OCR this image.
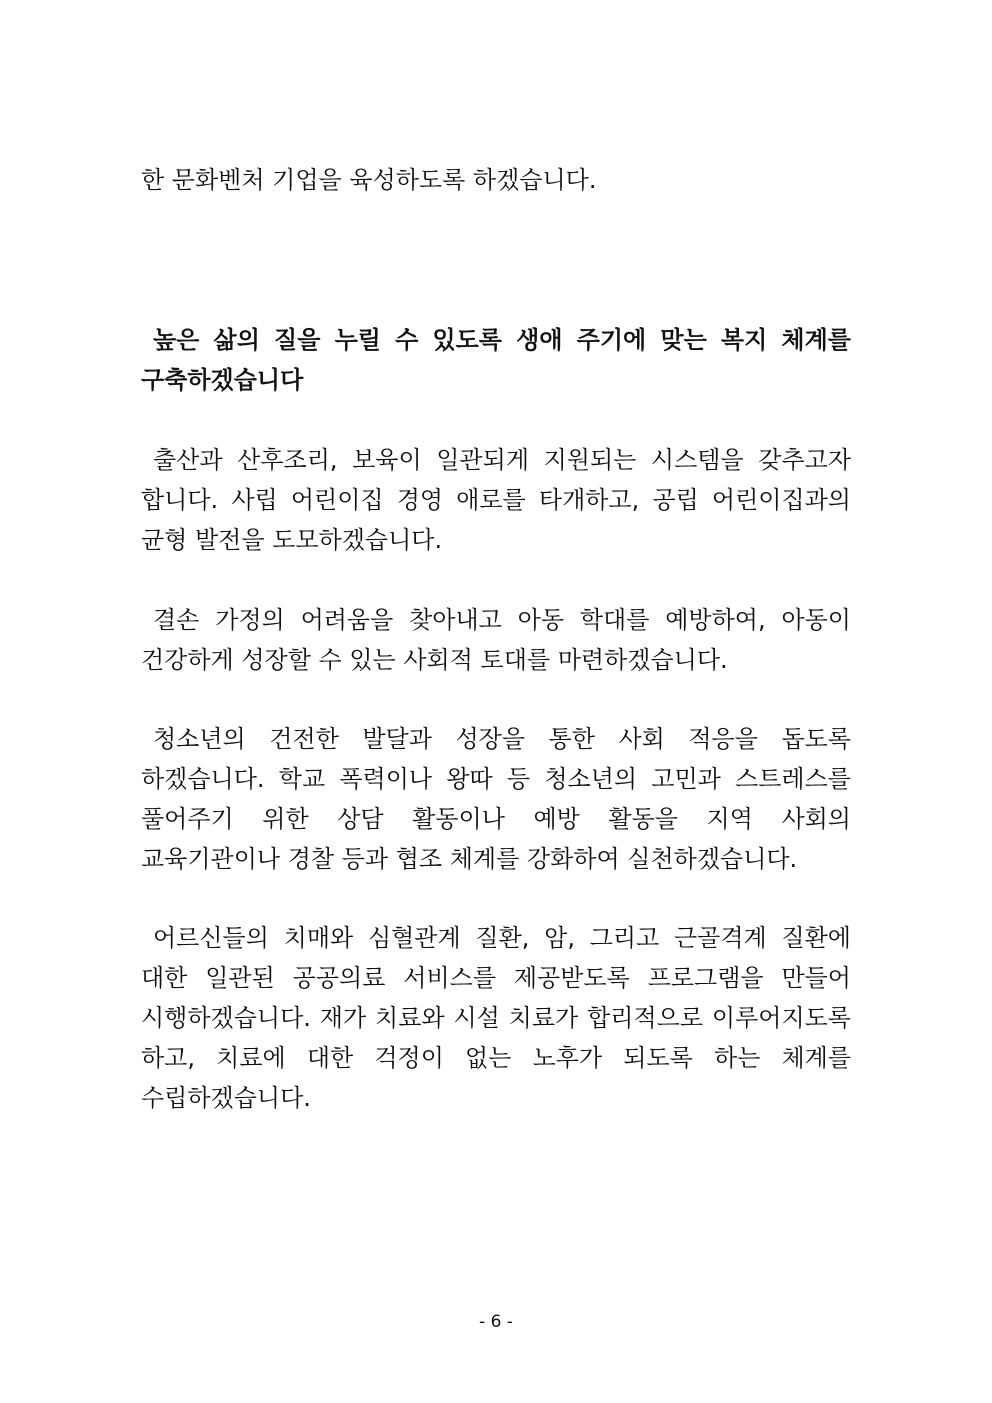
한 문화벤처 기업을 육성하도록 하겠습니다.

높은 삶의 질을 누릴 수 있도록 생애 주기에 맞는 복지 체계를 구축하겠습니다

출산과 산후조리, 보육이 일관되게 지원되는 시스템을 갖추고자 합니다. 사립 어린이집 경영 애로를 타개하고, 공립 어린이집과의 균형 발전을 도모하겠습니다.

결손 가정의 어려움을 찾아내고 아동 학대를 예방하여, 아동이 건강하게 성장할 수 있는 사회적 토대를 마련하겠습니다.

청소년의 건전한 발달과 성장을 통한 사회 적응을 돕도록 하겠습니다. 학교 폭력이나 왕따 등 청소년의 고민과 스트레스를 풀어주기 위한 상담 활동이나 예방 활동을 지역 사회의 교육기관이나 경찰 등과 협조 체계를 강화하여 실천하겠습니다.

어르신들의 치매와 심혈관계 질환, 암, 그리고 근골격계 질환에 대한 일관된 공공의료 서비스를 제공받도록 프로그램을 만들어 시행하겠습니다. 재가 치료와 시설 치료가 합리적으로 이루어지도록 하고, 치료에 대한 걱정이 없는 노후가 되도록 하는 체계를 수립하겠습니다.

- 6 -
